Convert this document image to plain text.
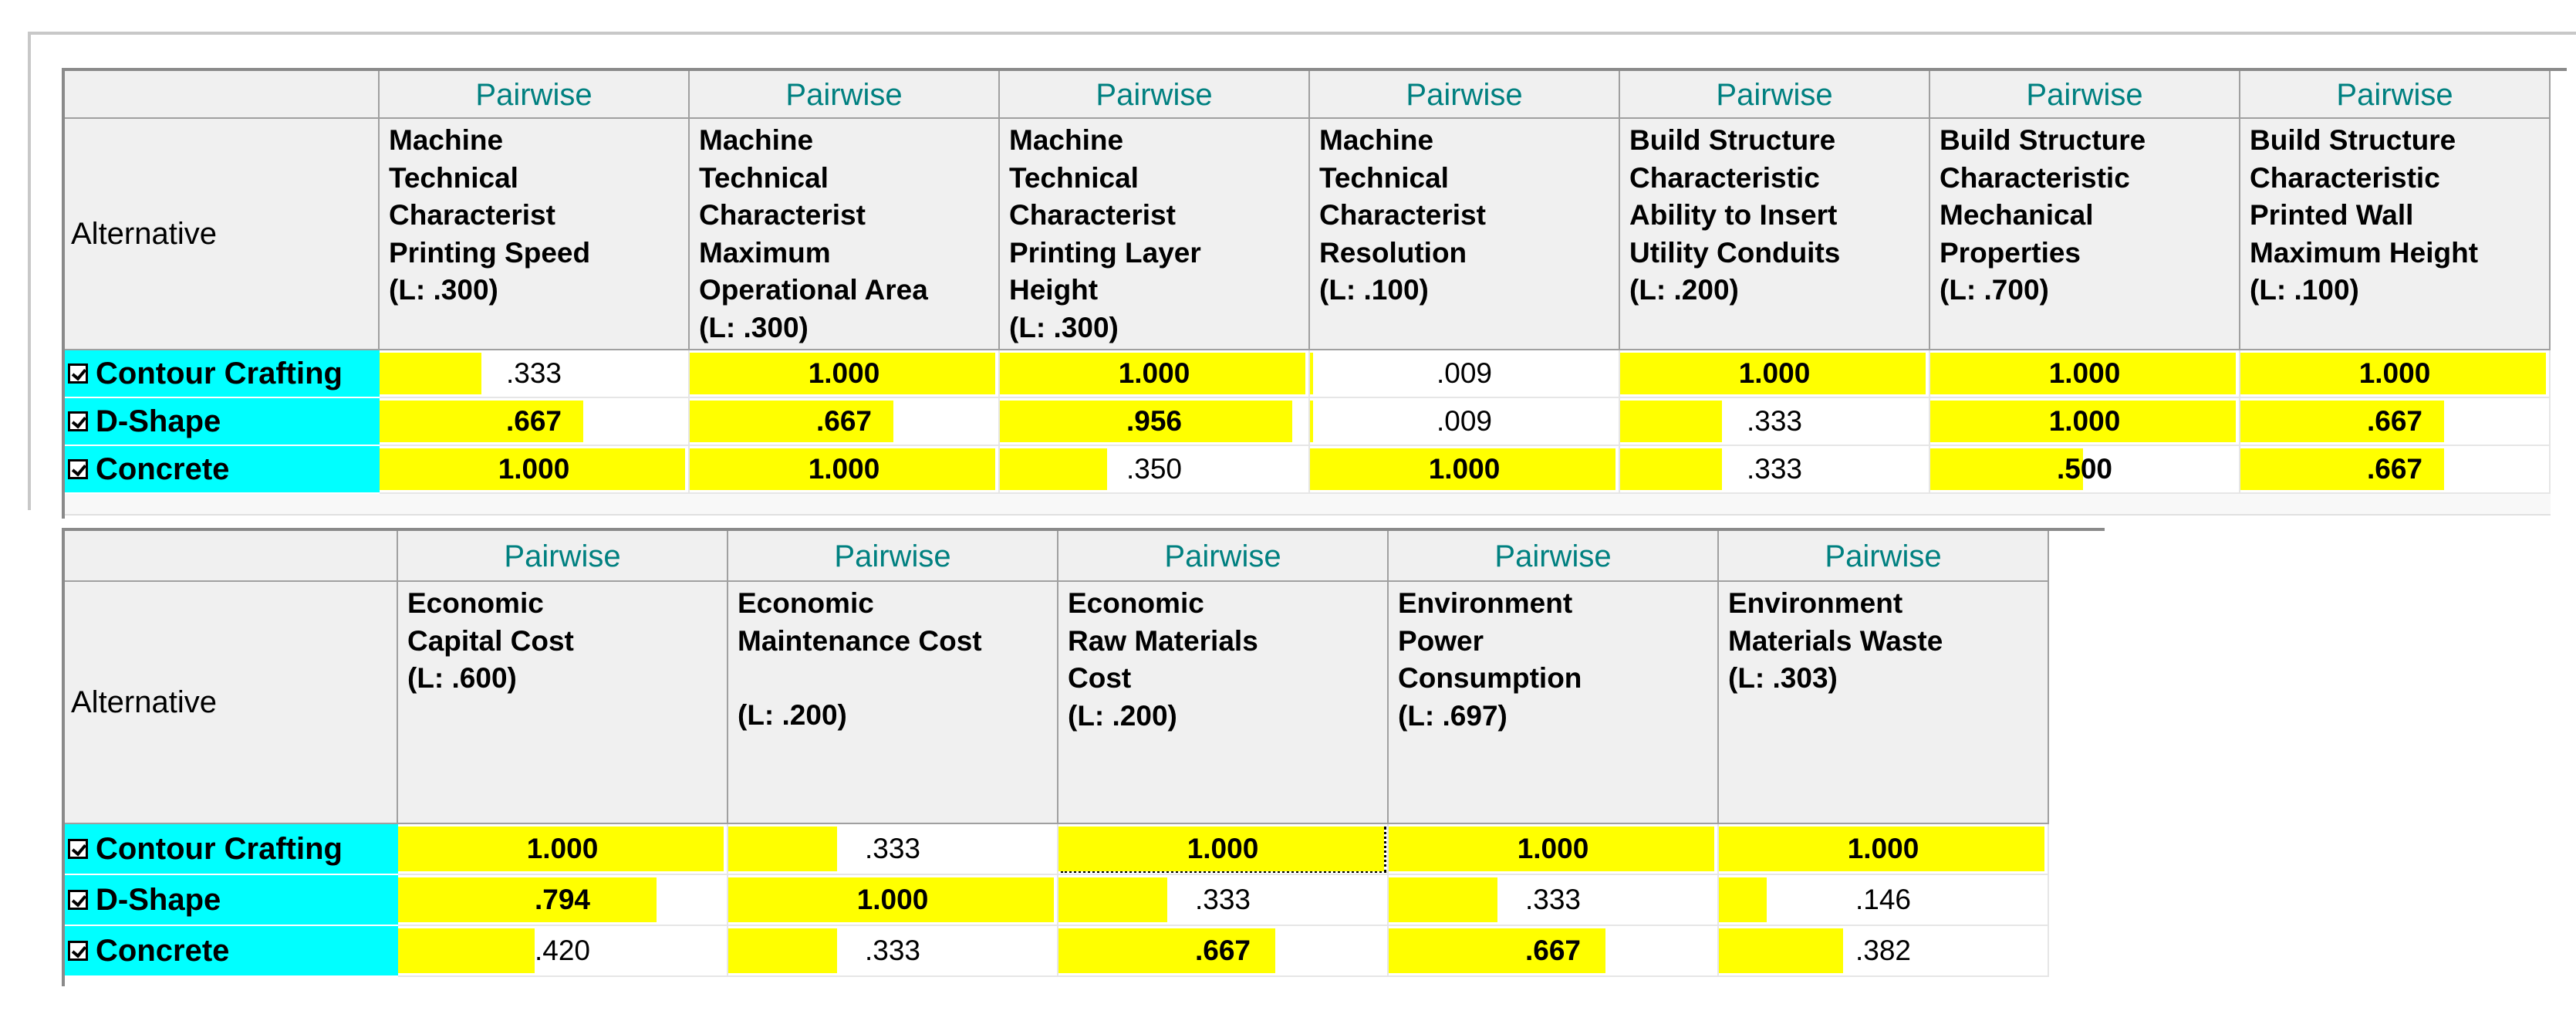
Alternative
Pairwise
Machine
Technical
Characterist
Printing Speed
(L: .300)
Pairwise
Machine
Technical
Characterist
Maximum
Operational Area
(L: .300)
Pairwise
Machine
Technical
Characterist
Printing Layer
Height
(L: .300)
Pairwise
Machine
Technical
Characterist
Resolution
(L: .100)
Pairwise
Build Structure
Characteristic
Ability to Insert
Utility Conduits
(L: .200)
Pairwise
Build Structure
Characteristic
Mechanical
Properties
(L: .700)
Pairwise
Build Structure
Characteristic
Printed Wall
Maximum Height
(L: .100)
Contour Crafting	.333	1.000	1.000	.009	1.000	1.000	1.000
D-Shape	.667	.667	.956	.009	.333	1.000	.667
Concrete	1.000	1.000	.350	1.000	.333	.500	.667
Alternative
Pairwise
Economic
Capital Cost
(L: .600)
Pairwise
Economic
Maintenance Cost
(L: .200)
Pairwise
Economic
Raw Materials
Cost
(L: .200)
Pairwise
Environment
Power
Consumption
(L: .697)
Pairwise
Environment
Materials Waste
(L: .303)
Contour Crafting	1.000	.333	1.000	1.000	1.000
D-Shape	.794	1.000	.333	.333	.146
Concrete	.420	.333	.667	.667	.382
